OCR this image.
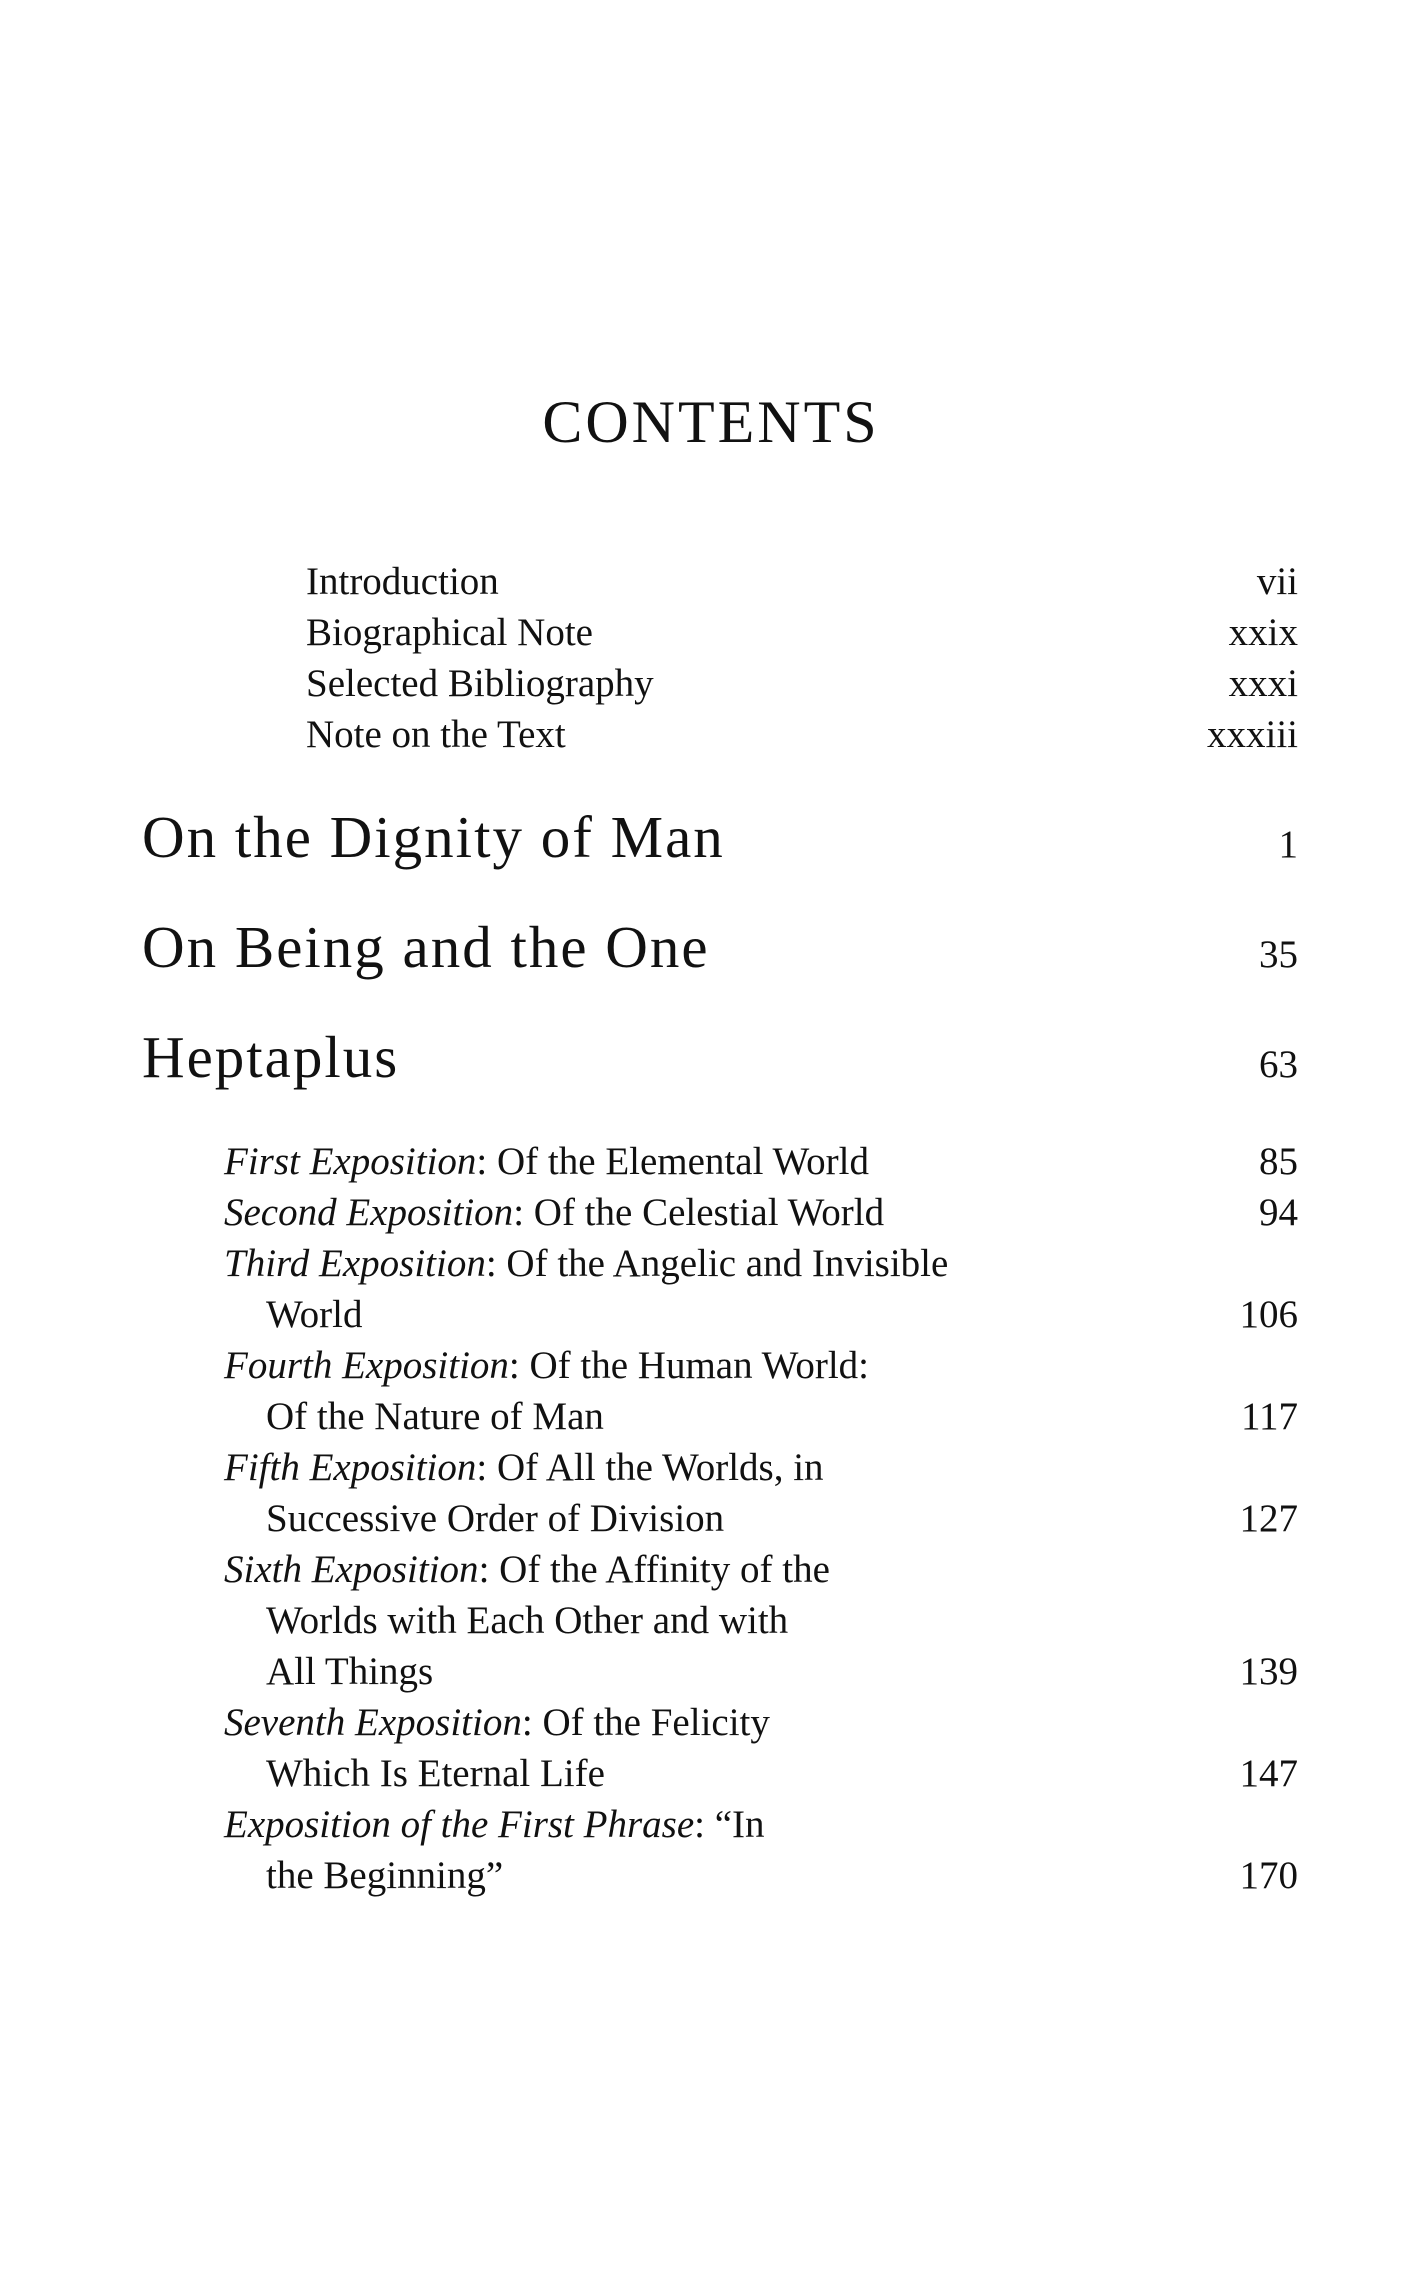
CONTENTS
Introduction	vii
Biographical Note	xxix
Selected Bibliography	xxxi
Note on the Text	xxxiii
On the Dignity of Man	1
On Being and the One	35
Heptaplus	63
First Exposition: Of the Elemental World	85
Second Exposition: Of the Celestial World	94
Third Exposition: Of the Angelic and Invisible
World	106
Fourth Exposition: Of the Human World:
Of the Nature of Man	117
Fifth Exposition: Of All the Worlds, in
Successive Order of Division	127
Sixth Exposition: Of the Affinity of the
Worlds with Each Other and with
All Things	139
Seventh Exposition: Of the Felicity
Which Is Eternal Life	147
Exposition of the First Phrase: “In
the Beginning”	170
